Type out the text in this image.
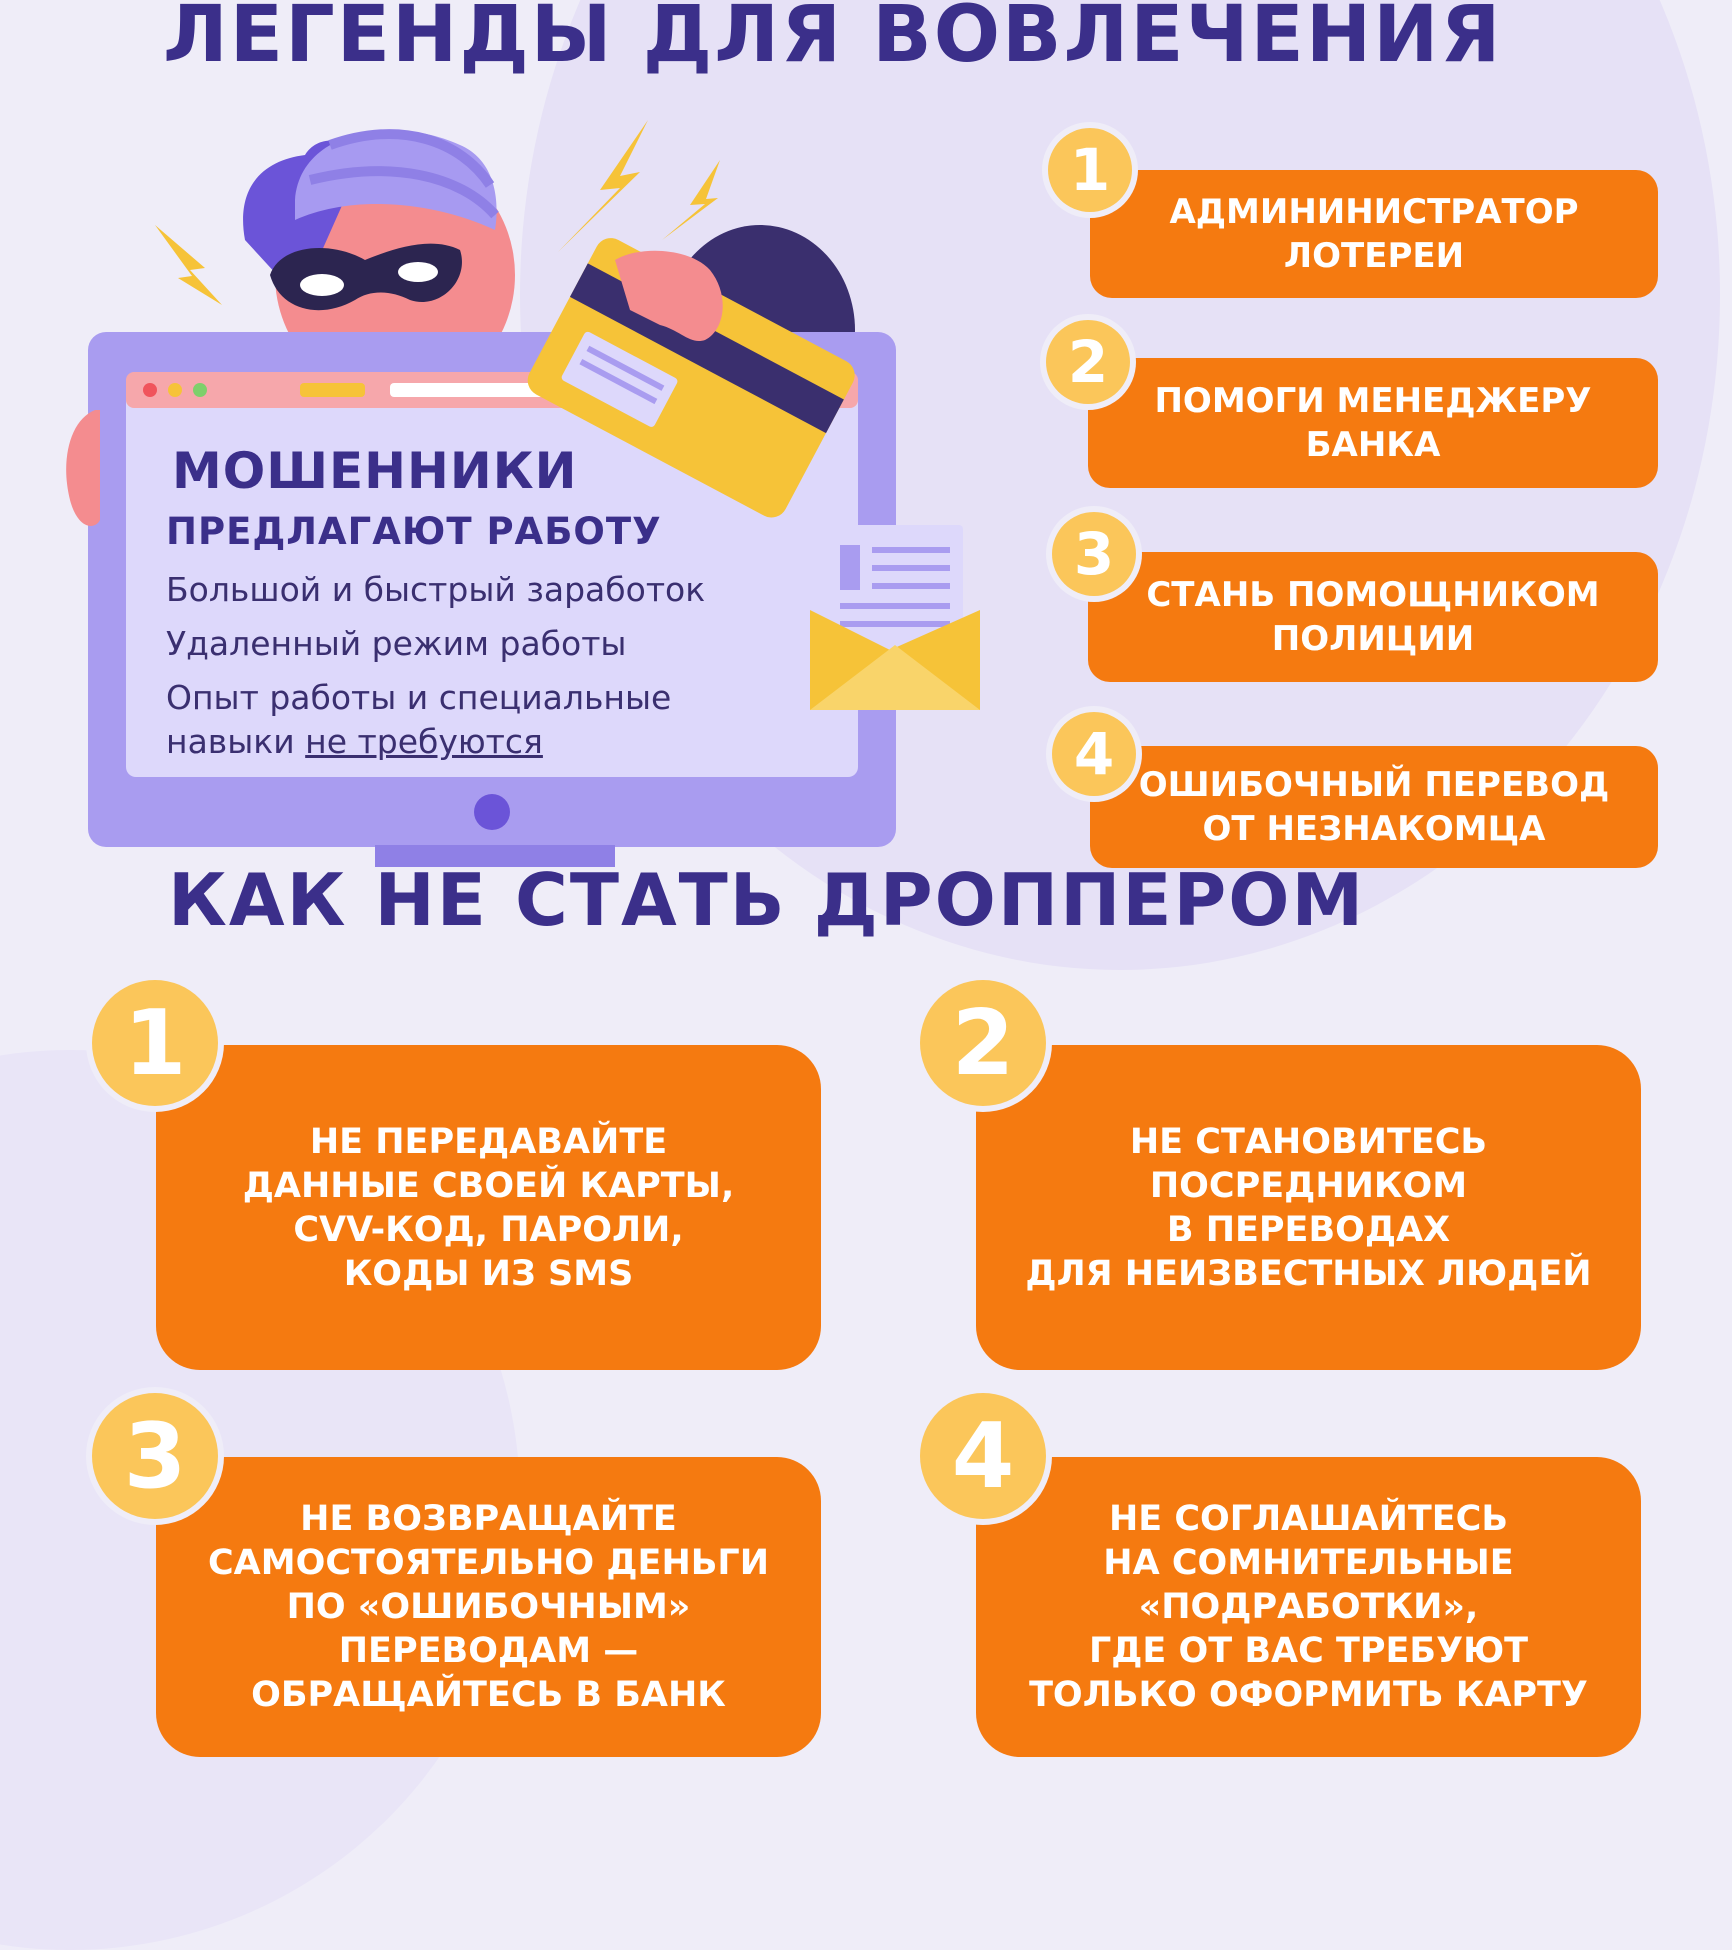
ЛЕГЕНДЫ ДЛЯ ВОВЛЕЧЕНИЯ
МОШЕННИКИ
ПРЕДЛАГАЮТ РАБОТУ
Большой и быстрый заработок
Удаленный режим работы
Опыт работы и специальные
навыки не требуются
АДМИНИНИСТРАТОР
ЛОТЕРЕИ
1
ПОМОГИ МЕНЕДЖЕРУ
БАНКА
2
СТАНЬ ПОМОЩНИКОМ
ПОЛИЦИИ
3
ОШИБОЧНЫЙ ПЕРЕВОД
ОТ НЕЗНАКОМЦА
4
КАК НЕ СТАТЬ ДРОППЕРОМ
НЕ ПЕРЕДАВАЙТЕ
ДАННЫЕ СВОЕЙ КАРТЫ,
CVV-КОД, ПАРОЛИ,
КОДЫ ИЗ SMS
1
НЕ СТАНОВИТЕСЬ
ПОСРЕДНИКОМ
В ПЕРЕВОДАХ
ДЛЯ НЕИЗВЕСТНЫХ ЛЮДЕЙ
2
НЕ ВОЗВРАЩАЙТЕ
САМОСТОЯТЕЛЬНО ДЕНЬГИ
ПО «ОШИБОЧНЫМ»
ПЕРЕВОДАМ —
ОБРАЩАЙТЕСЬ В БАНК
3
НЕ СОГЛАШАЙТЕСЬ
НА СОМНИТЕЛЬНЫЕ
«ПОДРАБОТКИ»,
ГДЕ ОТ ВАС ТРЕБУЮТ
ТОЛЬКО ОФОРМИТЬ КАРТУ
4
